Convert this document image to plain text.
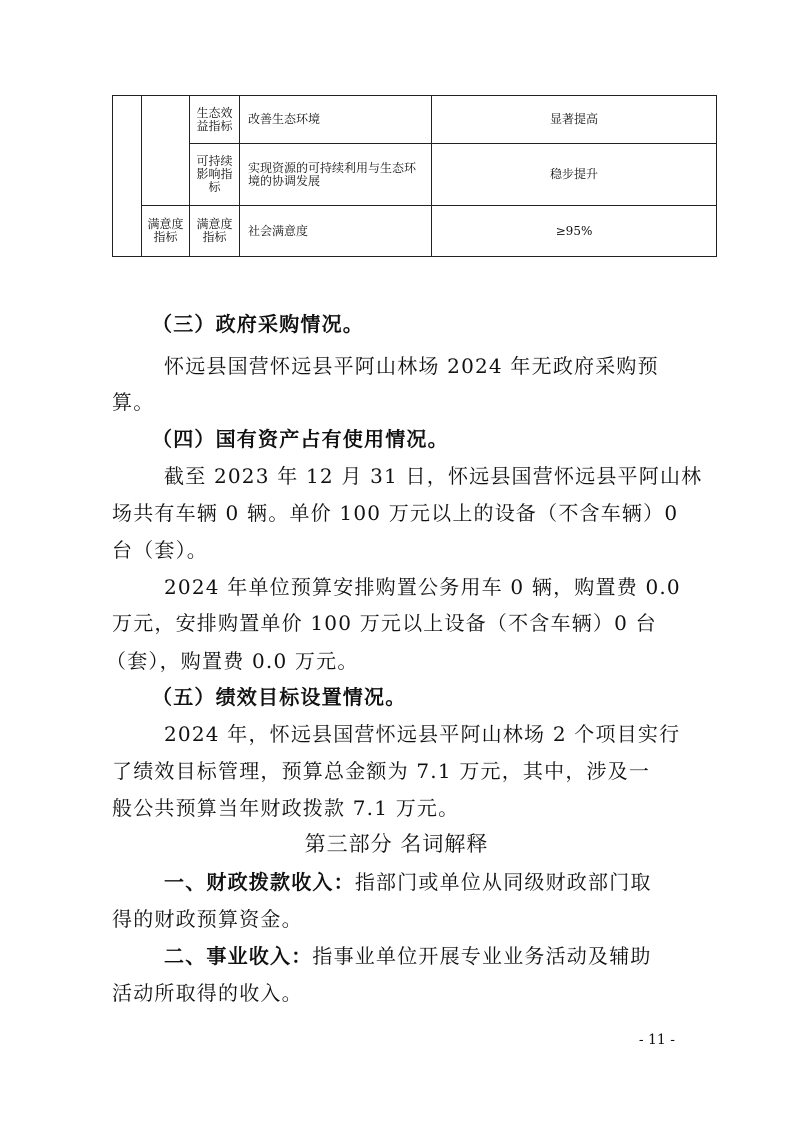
		生态效益指标	改善生态环境	显著提高
		可持续影响指标	实现资源的可持续利用与生态环境的协调发展	稳步提升
	满意度指标	满意度指标	社会满意度	≥95%
（三）政府采购情况。
怀远县国营怀远县平阿山林场 2024 年无政府采购预
算。
（四）国有资产占有使用情况。
截至 2023 年 12 月 31 日，怀远县国营怀远县平阿山林
场共有车辆 0 辆。单价 100 万元以上的设备（不含车辆）0
台（套）。
2024 年单位预算安排购置公务用车 0 辆，购置费 0.0
万元，安排购置单价 100 万元以上设备（不含车辆）0 台
（套），购置费 0.0 万元。
（五）绩效目标设置情况。
2024 年，怀远县国营怀远县平阿山林场 2 个项目实行
了绩效目标管理，预算总金额为 7.1 万元，其中，涉及一
般公共预算当年财政拨款 7.1 万元。
第三部分 名词解释
一、财政拨款收入：指部门或单位从同级财政部门取
得的财政预算资金。
二、事业收入：指事业单位开展专业业务活动及辅助
活动所取得的收入。
- 11 -
